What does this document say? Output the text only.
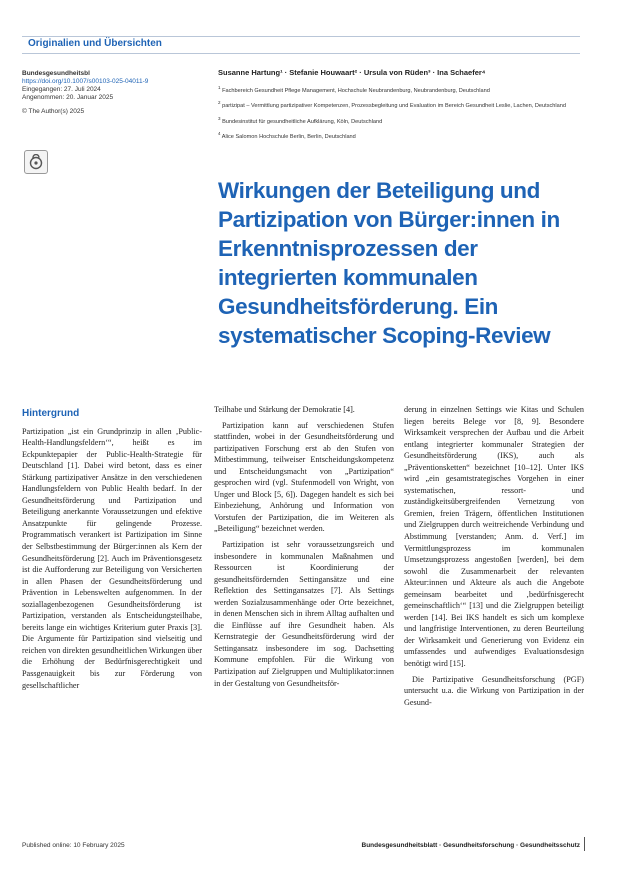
Originalien und Übersichten
Bundesgesundheitsbl
https://doi.org/10.1007/s00103-025-04011-9
Eingegangen: 27. Juli 2024
Angenommen: 20. Januar 2025
© The Author(s) 2025
Susanne Hartung¹ · Stefanie Houwaart² · Ursula von Rüden³ · Ina Schaefer⁴
$^1$ Fachbereich Gesundheit Pflege Management, Hochschule Neubrandenburg, Neubrandenburg, Deutschland
$^2$ partizipat – Vermittlung partizipativer Kompetenzen, Prozessbegleitung und Evaluation im Bereich Gesundheit Leslie, Lachen, Deutschland
$^3$ Bundesinstitut für gesundheitliche Aufklärung, Köln, Deutschland
$^4$ Alice Salomon Hochschule Berlin, Berlin, Deutschland
Wirkungen der Beteiligung und Partizipation von Bürger:innen in Erkenntnisprozessen der integrierten kommunalen Gesundheitsförderung. Ein systematischer Scoping-Review
Hintergrund

Partizipation „ist ein Grundprinzip in allen ‚Public-Health-Handlungsfeldern‘“, heißt es im Eckpunktepapier der Public-Health-Strategie für Deutschland [1]. Dabei wird betont, dass es einer Stärkung partizipativer Ansätze in den verschiedenen Handlungsfeldern von Public Health bedarf. In der Gesundheitsförderung und Partizipation und Beteiligung anerkannte Voraussetzungen und efektive Ansatzpunkte für gelingende Prozesse. Programmatisch verankert ist Partizipation im Sinne der Selbstbestimmung der Bürger:innen als Kern der Gesundheitsförderung [2]. Auch im Präventionsgesetz ist die Aufforderung zur Beteiligung von Versicherten in allen Phasen der Gesundheitsförderung und Prävention in Lebenswelten aufgenommen. In der soziallagenbezogenen Gesundheitsförderung ist Partizipation, verstanden als Entscheidungsteilhabe, bereits lange ein wichtiges Kriterium guter Praxis [3]. Die Argumente für Partizipation sind vielseitig und reichen von direkten gesundheitlichen Wirkungen über die Erhöhung der Bedürfnisgerechtigkeit und Passgenauigkeit bis zur Förderung von gesellschaftlicher

Teilhabe und Stärkung der Demokratie [4].

Partizipation kann auf verschiedenen Stufen stattfinden, wobei in der Gesundheitsförderung und partizipativen Forschung erst ab den Stufen von Mitbestimmung, teilweiser Entscheidungskompetenz und Entscheidungsmacht von „Partizipation“ gesprochen wird (vgl. Stufenmodell von Wright, von Unger und Block [5, 6]). Dagegen handelt es sich bei Einbeziehung, Anhörung und Information von Vorstufen der Partizipation, die im Weiteren als „Beteiligung“ bezeichnet werden.

Partizipation ist sehr voraussetzungsreich und insbesondere in kommunalen Maßnahmen und Ressourcen ist Koordinierung der gesundheitsfördernden Settingansätze und eine Reflektion des Settingansatzes [7]. Als Settings werden Sozialzusammenhänge oder Orte bezeichnet, in denen Menschen sich in ihrem Alltag aufhalten und die Einflüsse auf ihre Gesundheit haben. Als Kernstrategie der Gesundheitsförderung wird der Settingansatz insbesondere im sog. Dachsetting Kommune empfohlen. Für die Wirkung von Partizipation auf Zielgruppen und Multiplikator:innen in der Gestaltung von Gesundheitsför-

derung in einzelnen Settings wie Kitas und Schulen liegen bereits Belege vor [8, 9]. Besondere Wirksamkeit versprechen der Aufbau und die Arbeit entlang integrierter kommunaler Strategien der Gesundheitsförderung (IKS), auch als „Präventionsketten“ bezeichnet [10–12]. Unter IKS wird „ein gesamtstrategisches Vorgehen in einer systematischen, ressort- und zuständigkeitsübergreifenden Vernetzung von Gremien, freien Trägern, öffentlichen Institutionen und Zielgruppen durch weitreichende Verbindung und Abstimmung [verstanden; Anm. d. Verf.] im Vermittlungsprozess im kommunalen Umsetzungsprozess angestoßen [werden], bei dem sowohl die Zusammenarbeit der relevanten Akteur:innen und Akteure als auch die Angebote gemeinsam bearbeitet und ‚bedürfnisgerecht gemeinschaftlich‘“ [13] und die Zielgruppen beteiligt werden [14]. Bei IKS handelt es sich um komplexe und langfristige Interventionen, zu deren Beurteilung der Wirksamkeit und Generierung von Evidenz ein umfassendes und aufwendiges Evaluationsdesign benötigt wird [15].

Die Partizipative Gesundheitsforschung (PGF) untersucht u.a. die Wirkung von Partizipation in der Gesund-

Published online: 10 February 2025	Bundesgesundheitsblatt · Gesundheitsforschung · Gesundheitsschutz
